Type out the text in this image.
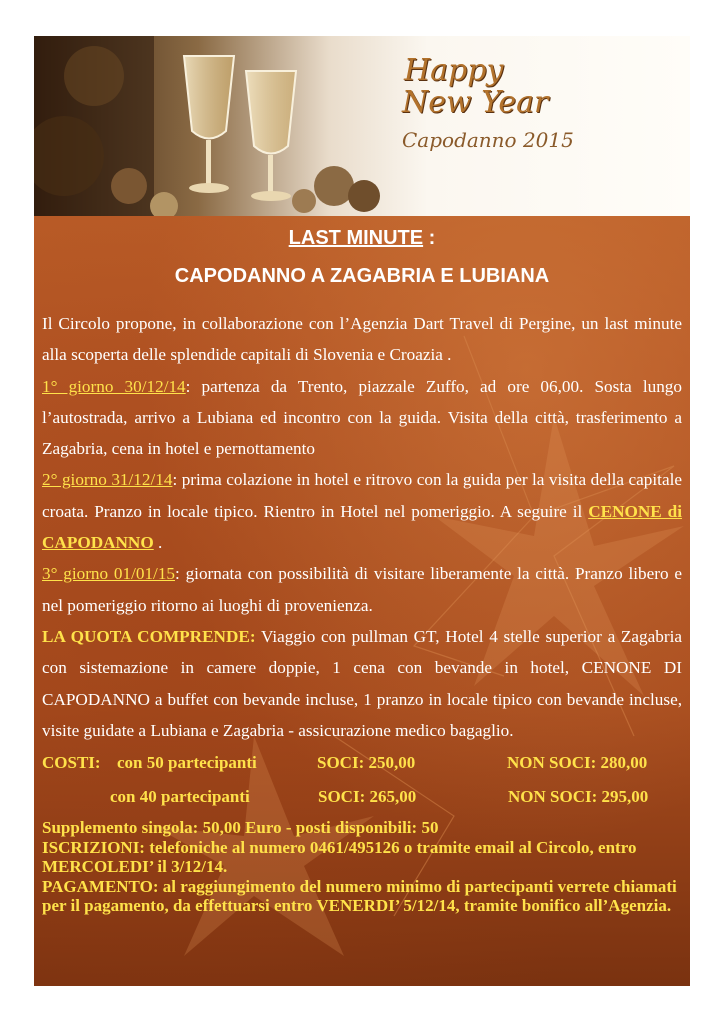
Happy
New Year
Capodanno 2015

LAST MINUTE :

CAPODANNO A ZAGABRIA E LUBIANA

Il Circolo propone, in collaborazione con l’Agenzia Dart Travel di Pergine, un last minute alla scoperta delle splendide capitali di Slovenia e Croazia .

1° giorno 30/12/14: partenza da Trento, piazzale Zuffo, ad ore 06,00. Sosta lungo l’autostrada, arrivo a Lubiana ed incontro con la guida. Visita della città, trasferimento a Zagabria, cena in hotel e pernottamento

2° giorno 31/12/14: prima colazione in hotel e ritrovo con la guida per la visita della capitale croata. Pranzo in locale tipico. Rientro in Hotel nel pomeriggio. A seguire il CENONE di CAPODANNO .

3° giorno 01/01/15: giornata con possibilità di visitare liberamente la città. Pranzo libero e nel pomeriggio ritorno ai luoghi di provenienza.

LA QUOTA COMPRENDE: Viaggio con pullman GT, Hotel 4 stelle superior a Zagabria con sistemazione in camere doppie, 1 cena con bevande in hotel, CENONE DI CAPODANNO a buffet con bevande incluse, 1 pranzo in locale tipico con bevande incluse, visite guidate a Lubiana e Zagabria - assicurazione medico bagaglio.

COSTI: con 50 partecipanti	SOCI: 250,00	NON SOCI: 280,00
con 40 partecipanti	SOCI: 265,00	NON SOCI: 295,00
Supplemento singola: 50,00 Euro - posti disponibili: 50
ISCRIZIONI: telefoniche al numero 0461/495126 o tramite email al Circolo, entro MERCOLEDI’ il 3/12/14.
PAGAMENTO: al raggiungimento del numero minimo di partecipanti verrete chiamati per il pagamento, da effettuarsi entro VENERDI’ 5/12/14, tramite bonifico all’Agenzia.
